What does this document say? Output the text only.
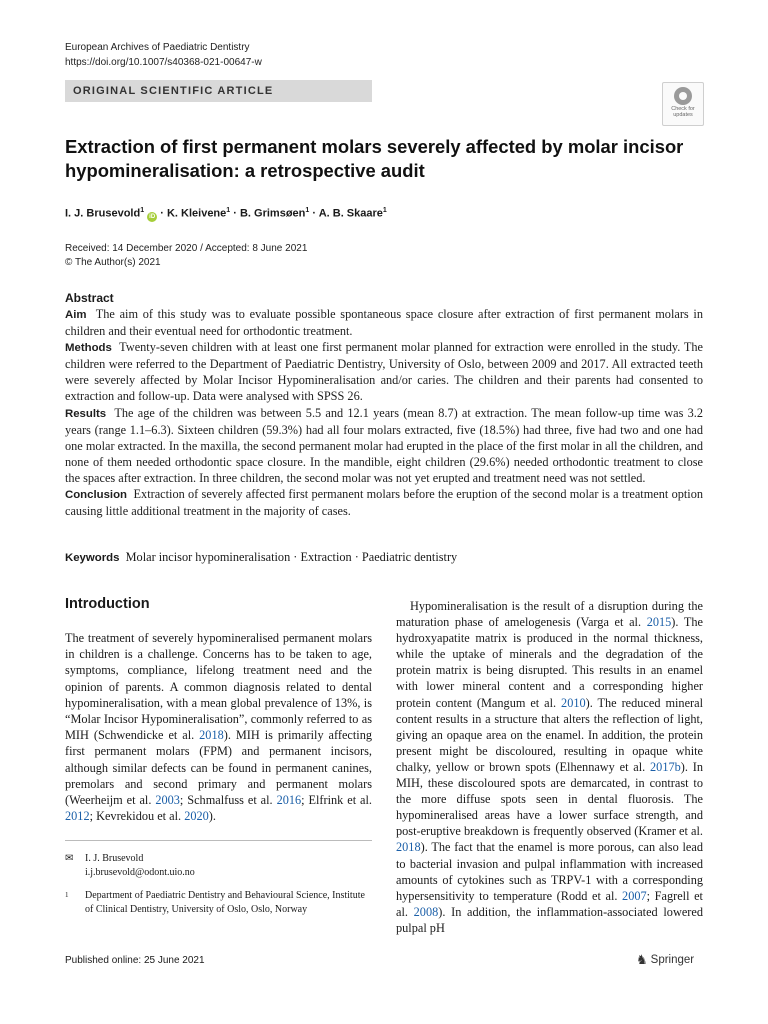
European Archives of Paediatric Dentistry
https://doi.org/10.1007/s40368-021-00647-w
ORIGINAL SCIENTIFIC ARTICLE
Check for
updates
Extraction of first permanent molars severely affected by molar incisor hypomineralisation: a retrospective audit
I. J. Brusevold$^1$ iD · K. Kleivene$^1$ · B. Grimsøen$^1$ · A. B. Skaare$^1$
Received: 14 December 2020 / Accepted: 8 June 2021
© The Author(s) 2021
Abstract

Aim The aim of this study was to evaluate possible spontaneous space closure after extraction of first permanent molars in children and their eventual need for orthodontic treatment.

Methods Twenty-seven children with at least one first permanent molar planned for extraction were enrolled in the study. The children were referred to the Department of Paediatric Dentistry, University of Oslo, between 2009 and 2017. All extracted teeth were severely affected by Molar Incisor Hypomineralisation and/or caries. The children and their parents had consented to extraction and follow-up. Data were analysed with SPSS 26.

Results The age of the children was between 5.5 and 12.1 years (mean 8.7) at extraction. The mean follow-up time was 3.2 years (range 1.1–6.3). Sixteen children (59.3%) had all four molars extracted, five (18.5%) had three, five had two and one had one molar extracted. In the maxilla, the second permanent molar had erupted in the place of the first molar in all the children, and none of them needed orthodontic space closure. In the mandible, eight children (29.6%) needed orthodontic treatment to close the spaces after extraction. In three children, the second molar was not yet erupted and treatment need was not settled.

Conclusion Extraction of severely affected first permanent molars before the eruption of the second molar is a treatment option causing little additional treatment in the majority of cases.

Keywords Molar incisor hypomineralisation · Extraction · Paediatric dentistry
Introduction

The treatment of severely hypomineralised permanent molars in children is a challenge. Concerns has to be taken to age, symptoms, compliance, lifelong treatment need and the opinion of parents. A common diagnosis related to dental hypomineralisation, with a mean global prevalence of 13%, is “Molar Incisor Hypomineralisation”, commonly referred to as MIH (Schwendicke et al. 2018). MIH is primarily affecting first permanent molars (FPM) and permanent incisors, although similar defects can be found in permanent canines, premolars and second primary and permanent molars (Weerheijm et al. 2003; Schmalfuss et al. 2016; Elfrink et al. 2012; Kevrekidou et al. 2020).

Hypomineralisation is the result of a disruption during the maturation phase of amelogenesis (Varga et al. 2015). The hydroxyapatite matrix is produced in the normal thickness, while the uptake of minerals and the degradation of the protein matrix is being disrupted. This results in an enamel with lower mineral content and a corresponding higher protein content (Mangum et al. 2010). The reduced mineral content results in a structure that alters the reflection of light, giving an opaque area on the enamel. In addition, the protein present might be discoloured, resulting in opaque white chalky, yellow or brown spots (Elhennawy et al. 2017b). In MIH, these discoloured spots are demarcated, in contrast to the more diffuse spots seen in dental fluorosis. The hypomineralised areas have a lower surface strength, and post-eruptive breakdown is frequently observed (Kramer et al. 2018). The fact that the enamel is more porous, can also lead to bacterial invasion and pulpal inflammation with increased amounts of cytokines such as TRPV-1 with a corresponding hypersensitivity to temperature (Rodd et al. 2007; Fagrell et al. 2008). In addition, the inflammation-associated lowered pulpal pH

✉ I. J. Brusevold
i.j.brusevold@odont.uio.no
1 Department of Paediatric Dentistry and Behavioural Science, Institute of Clinical Dentistry, University of Oslo, Oslo, Norway
Published online: 25 June 2021	♞ Springer
